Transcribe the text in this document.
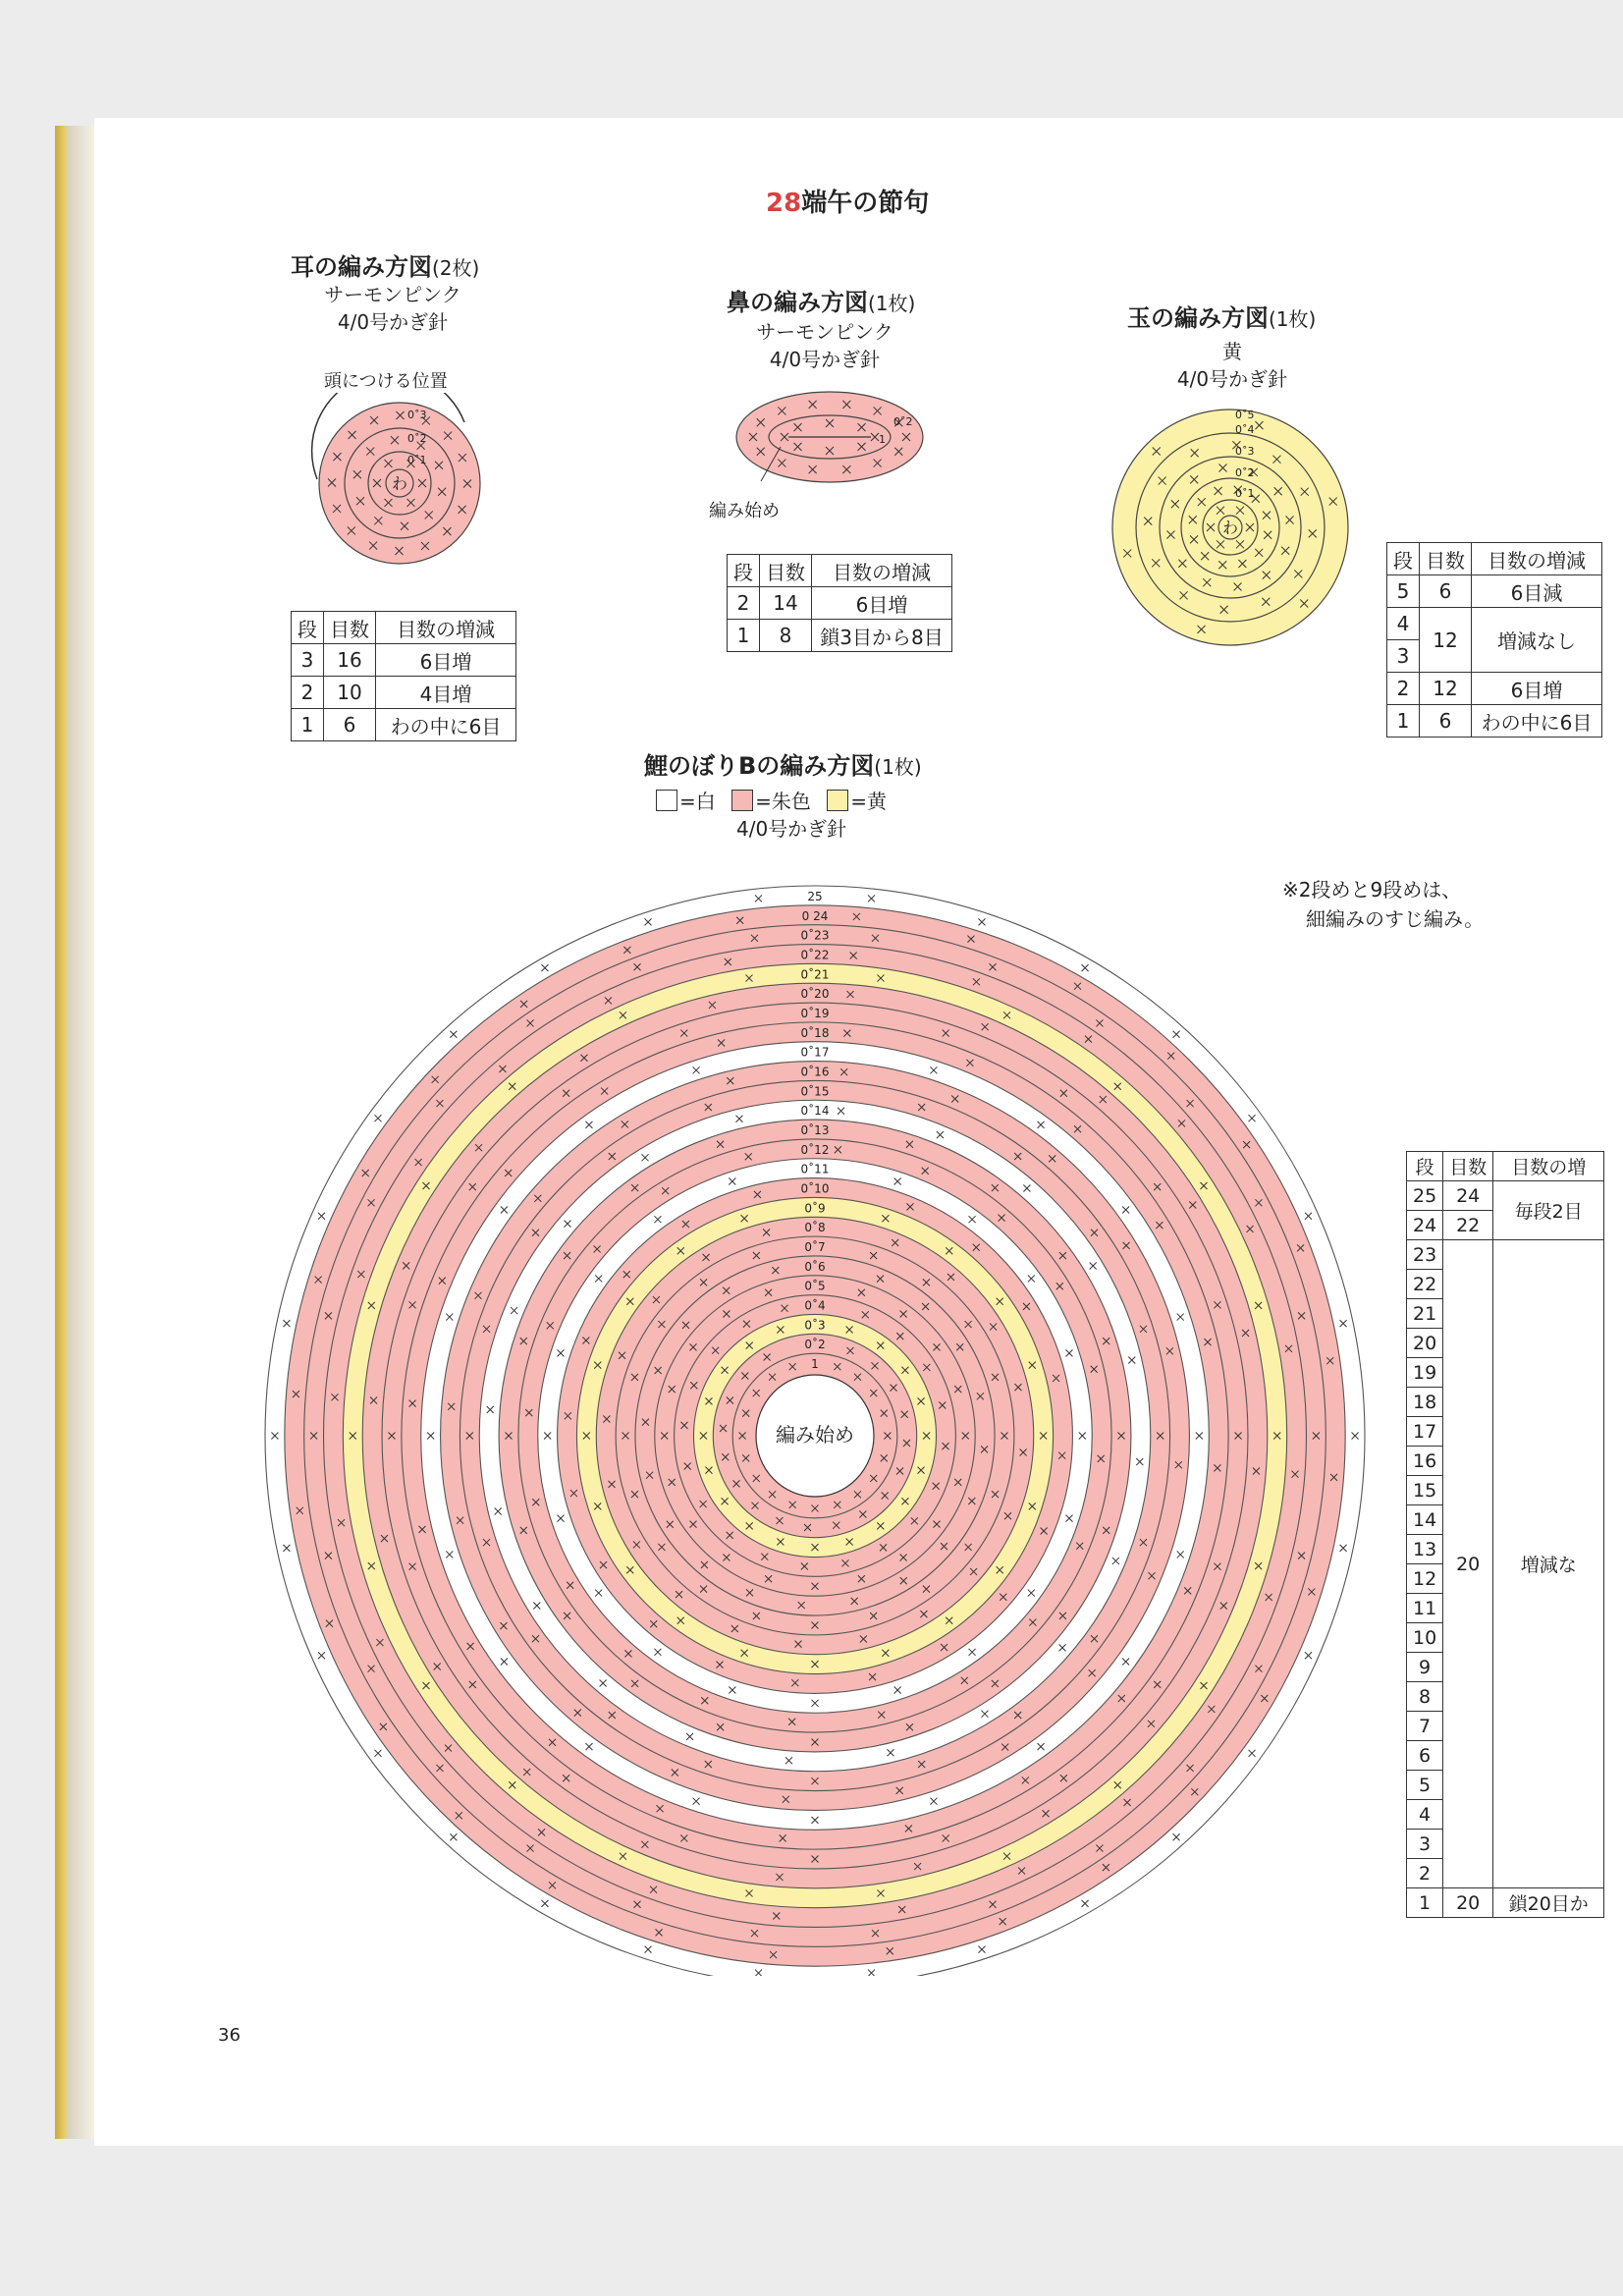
28端午の節句
耳の編み方図(2枚)
サーモンピンク
4/0号かぎ針
頭につける位置
わ
0˚1
0˚2
0˚3
段	目数	目数の増減
3	16	6目増
2	10	4目増
1	6	わの中に6目
鼻の編み方図(1枚)
サーモンピンク
4/0号かぎ針
1
0˚2
編み始め
段	目数	目数の増減
2	14	6目増
1	8	鎖3目から8目
玉の編み方図(1枚)
黄
4/0号かぎ針
わ
0˚1
0˚2
0˚3
0˚4
0˚5
段	目数	目数の増減
5	6	6目減
4	12	増減なし
3		
2	12	6目増
1	6	わの中に6目
鯉のぼりBの編み方図(1枚)
=白 =朱色 =黄
4/0号かぎ針
※2段めと9段めは、
細編みのすじ編み。
1
0˚2
0˚3
0˚4
0˚5
0˚6
0˚7
0˚8
0˚9
0˚10
0˚11
0˚12
0˚13
0˚14
0˚15
0˚16
0˚17
0˚18
0˚19
0˚20
0˚21
0˚22
0˚23
0 24
25
編み始め
段	目数	目数の増
25	24	毎段2目
24	22	
23	20	増減な
22		
21		
20		
19		
18		
17		
16		
15		
14		
13		
12		
11		
10		
9		
8		
7		
6		
5		
4		
3		
2		
1	20	鎖20目か
36
